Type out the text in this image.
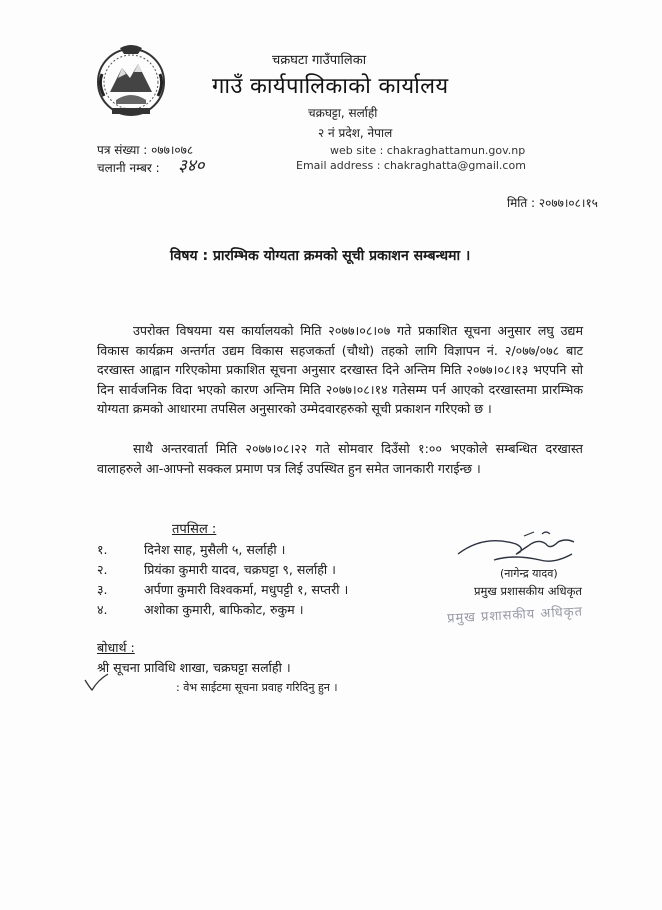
चक्रघटा गाउँपालिका
गाउँ कार्यपालिकाको कार्यालय
चक्रघट्टा, सर्लाही
२ नं प्रदेश, नेपाल
web site : chakraghattamun.gov.np
Email address : chakraghatta@gmail.com
पत्र संख्या : ०७७।०७८
चलानी नम्बर : ३४०
मिति : २०७७।०८।१५
विषय : प्रारम्भिक योग्यता क्रमको सूची प्रकाशन सम्बन्धमा ।
उपरोक्त विषयमा यस कार्यालयको मिति २०७७।०८।०७ गते प्रकाशित सूचना अनुसार लघु उद्यम विकास कार्यक्रम अन्तर्गत उद्यम विकास सहजकर्ता (चौथो) तहको लागि विज्ञापन नं. २/०७७/०७८ बाट दरखास्त आह्वान गरिएकोमा प्रकाशित सूचना अनुसार दरखास्त दिने अन्तिम मिति २०७७।०८।१३ भएपनि सो दिन सार्वजनिक विदा भएको कारण अन्तिम मिति २०७७।०८।१४ गतेसम्म पर्न आएको दरखास्तमा प्रारम्भिक योग्यता क्रमको आधारमा तपसिल अनुसारको उम्मेदवारहरुको सूची प्रकाशन गरिएको छ ।
साथै अन्तरवार्ता मिति २०७७।०८।२२ गते सोमवार दिउँसो १:०० भएकोले सम्बन्धित दरखास्त वालाहरुले आ-आफ्नो सक्कल प्रमाण पत्र लिई उपस्थित हुन समेत जानकारी गराईन्छ ।
तपसिल :
१.	दिनेश साह, मुसैली ५, सर्लाही ।
२.	प्रियंका कुमारी यादव, चक्रघट्टा ९, सर्लाही ।
३.	अर्पणा कुमारी विश्वकर्मा, मधुपट्टी १, सप्तरी ।
४.	अशोका कुमारी, बाफिकोट, रुकुम ।
(नागेन्द्र यादव)
प्रमुख प्रशासकीय अधिकृत
प्रमुख प्रशासकीय अधिकृत
बोधार्थ :
श्री सूचना प्राविधि शाखा, चक्रघट्टा सर्लाही ।
: वेभ साईटमा सूचना प्रवाह गरिदिनु हुन ।
